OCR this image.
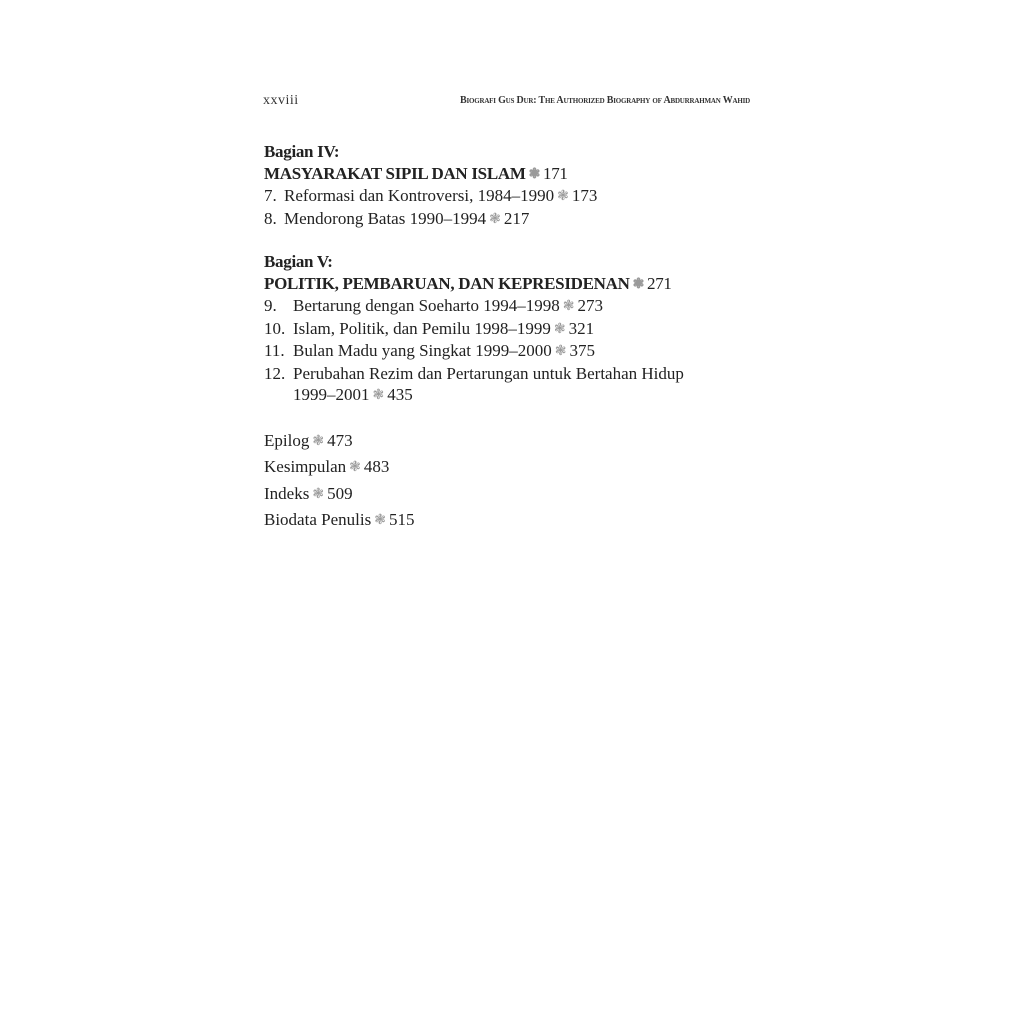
xxviii	Biografi Gus Dur: The Authorized Biography of Abdurrahman Wahid
Bagian IV:
MASYARAKAT SIPIL DAN ISLAM ❃ 171
7. Reformasi dan Kontroversi, 1984–1990 ❃ 173
8. Mendorong Batas 1990–1994 ❃ 217
Bagian V:
POLITIK, PEMBARUAN, DAN KEPRESIDENAN ❃ 271
9. Bertarung dengan Soeharto 1994–1998 ❃ 273
10. Islam, Politik, dan Pemilu 1998–1999 ❃ 321
11. Bulan Madu yang Singkat 1999–2000 ❃ 375
12. Perubahan Rezim dan Pertarungan untuk Bertahan Hidup 1999–2001 ❃ 435
Epilog ❃ 473
Kesimpulan ❃ 483
Indeks ❃ 509
Biodata Penulis ❃ 515
